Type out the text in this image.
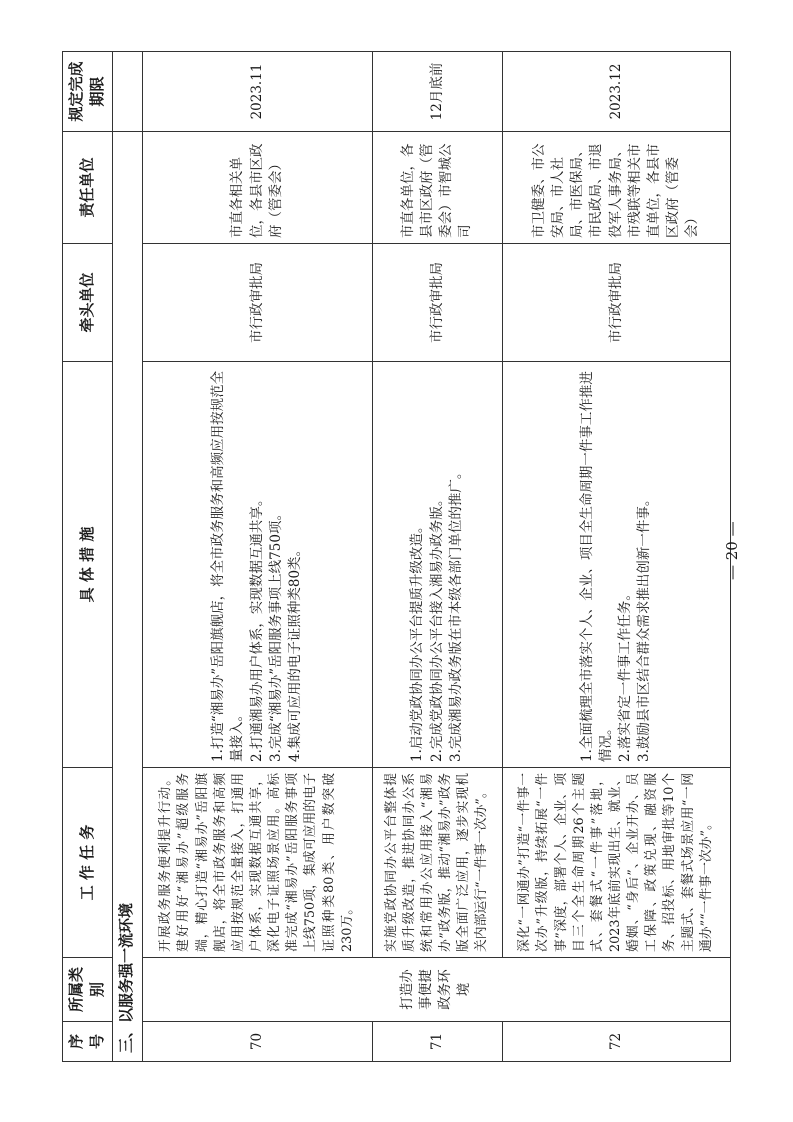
序 号	所属类别	工 作 任 务	具 体 措 施	牵头单位	责任单位	规定完成期限
三、以服务强一流环境						
70	打造办事便捷政务环境	开展政务服务便利提升行动。建好用好“湘易办”超级服务端，精心打造“湘易办”岳阳旗舰店，将全市政务服务和高频应用按规范全量接入，打通用户体系，实现数据互通共享，深化电子证照场景应用。高标准完成“湘易办”岳阳服务事项上线750项，集成可应用的电子证照种类80类、用户数突破230万。	1.打造“湘易办”岳阳旗舰店，将全市政务服务和高频应用按规范全量接入。 2.打通湘易办用户体系，实现数据互通共享。 3.完成“湘易办”岳阳服务事项上线750项。 4.集成可应用的电子证照种类80类。	市行政审批局	市直各相关单位，各县市区政府（管委会）	2023.11
71		实施党政协同办公平台整体提质升级改造，推进协同办公系统和常用办公应用接入“湘易办”政务版，推动“湘易办”政务版全面广泛应用，逐步实现机关内部运行“一件事一次办”。	1.启动党政协同办公平台提质升级改造。 2.完成党政协同办公平台接入湘易办政务版。 3.完成湘易办政务版在市本级各部门单位的推广。	市行政审批局	市直各单位，各县市区政府（管委会）市智城公司	12月底前
72		深化“一网通办”打造“一件事一次办”升级版，持续拓展“一件事”深度，部署个人、企业、项目三个全生命周期26个主题式、套餐式“一件事”落地，2023年底前实现出生、就业、婚姻、“身后”、企业开办、员工保障、政策兑现、融资服务、招投标、用地审批等10个主题式、套餐式场景应用“一网通办”“一件事一次办”。	1.全面梳理全市落实个人、企业、项目全生命周期一件事工作推进情况。 2.落实省定一件事工作任务。 3.鼓励县市区结合群众需求推出创新一件事。	市行政审批局	市卫健委、市公安局、市人社局、市医保局、市民政局、市退役军人事务局、市残联等相关市直单位，各县市区政府（管委会）	2023.12
— 20 —
